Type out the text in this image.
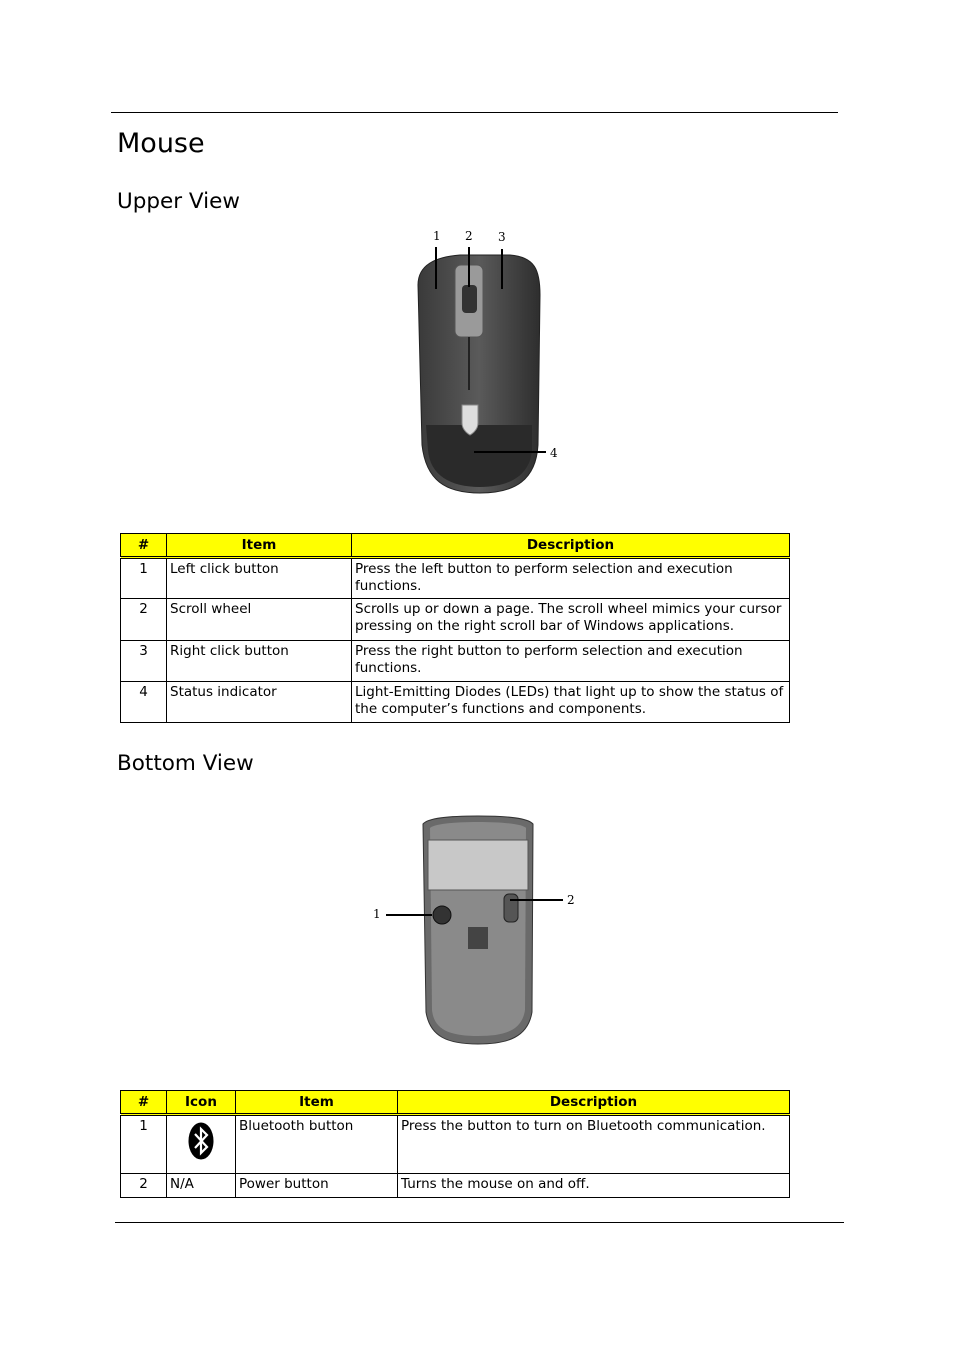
Mouse
Upper View
1 2 3
4
#	Item	Description
1	Left click button	Press the left button to perform selection and execution functions.
2	Scroll wheel	Scrolls up or down a page. The scroll wheel mimics your cursor pressing on the right scroll bar of Windows applications.
3	Right click button	Press the right button to perform selection and execution functions.
4	Status indicator	Light-Emitting Diodes (LEDs) that light up to show the status of the computer’s functions and components.
Bottom View
1
2
#	Icon	Item	Description
1		Bluetooth button	Press the button to turn on Bluetooth communication.
2	N/A	Power button	Turns the mouse on and off.
